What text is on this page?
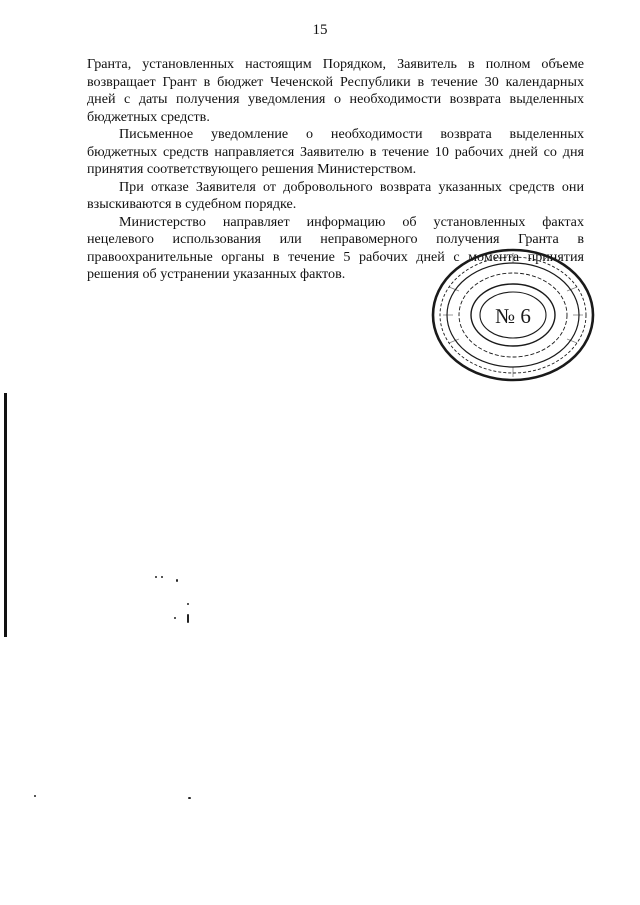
15

Гранта, установленных настоящим Порядком, Заявитель в полном объеме возвращает Грант в бюджет Чеченской Республики в течение 30 календарных дней с даты получения уведомления о необходимости возврата выделенных бюджетных средств.

Письменное уведомление о необходимости возврата выделенных бюджетных средств направляется Заявителю в течение 10 рабочих дней со дня принятия соответствующего решения Министерством.

При отказе Заявителя от добровольного возврата указанных средств они взыскиваются в судебном порядке.

Министерство направляет информацию об установленных фактах нецелевого использования или неправомерного получения Гранта в правоохранительные органы в течение 5 рабочих дней с момента принятия решения об устранении указанных фактов.

№ 6
